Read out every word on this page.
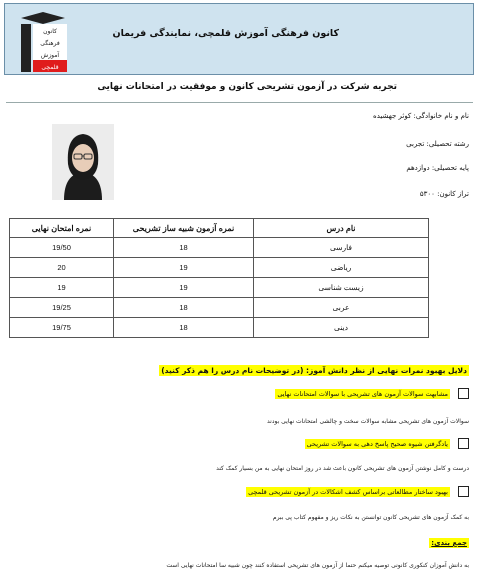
کانون
فرهنگی
آموزش
قلمچی
کانون فرهنگی آموزش قلمچی، نمایندگی فریمان
تجربه شرکت در آزمون تشریحی کانون و موفقیت در امتحانات نهایی
نام و نام خانوادگی: کوثر جهشیده
رشته تحصیلی: تجربی
پایه تحصیلی: دوازدهم
تراز کانون: ۵۳۰۰
نام درس	نمره آزمون شبیه ساز تشریحی	نمره امتحان نهایی
فارسی	18	19/50
ریاضی	19	20
زیست شناسی	19	19
عربی	18	19/25
دینی	18	19/75
دلایل بهبود نمرات نهایی از نظر دانش آموز: (در توضیحات نام درس را هم ذکر کنید)
مشابهت سوالات آزمون های تشریحی با سوالات امتحانات نهایی
سوالات آزمون های تشریحی مشابه سوالات سخت و چالشی امتحانات نهایی بودند
یادگرفتن شیوه صحیح پاسخ دهی به سوالات تشریحی
درست و کامل نوشتن آزمون های تشریحی کانون باعث شد در روز امتحان نهایی به من بسیار کمک کند
بهبود ساختار مطالعاتی براساس کشف اشکالات در آزمون تشریحی قلمچی
به کمک آزمون های تشریحی کانون توانستن به نکات ریز و مفهوم کتاب پی ببرم
جمع بندی:
به دانش آموزان کنکوری کانونی توصیه میکنم حتما از آزمون های تشریحی استفاده کنند چون شبیه سا امتحانات نهایی است
